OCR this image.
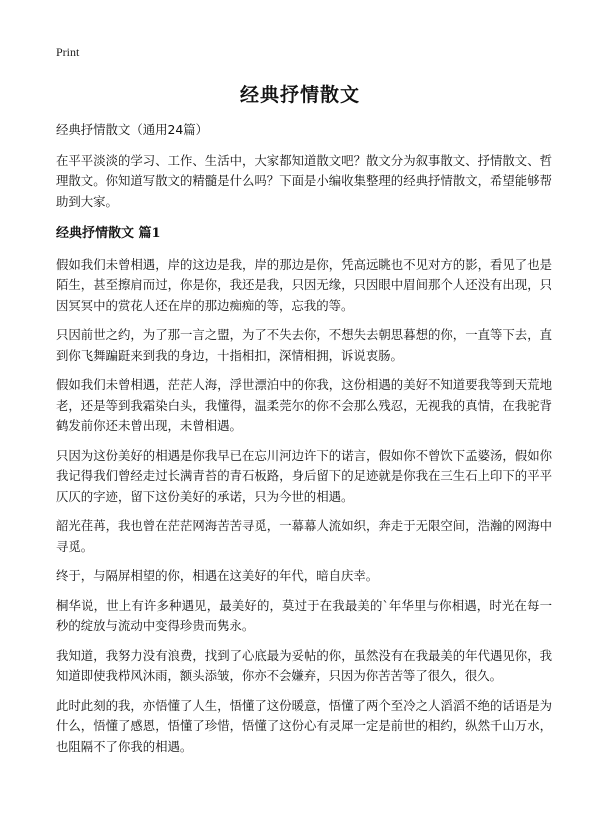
Print
经典抒情散文

经典抒情散文（通用24篇）

在平平淡淡的学习、工作、生活中，大家都知道散文吧？散文分为叙事散文、抒情散文、哲理散文。你知道写散文的精髓是什么吗？下面是小编收集整理的经典抒情散文，希望能够帮助到大家。

经典抒情散文 篇1

假如我们未曾相遇，岸的这边是我，岸的那边是你，凭高远眺也不见对方的影，看见了也是陌生，甚至擦肩而过，你是你，我还是我，只因无缘，只因眼中眉间那个人还没有出现，只因冥冥中的赏花人还在岸的那边痴痴的等，忘我的等。

只因前世之约，为了那一言之盟，为了不失去你，不想失去朝思暮想的你，一直等下去，直到你飞舞蹁跹来到我的身边，十指相扣，深情相拥，诉说衷肠。

假如我们未曾相遇，茫茫人海，浮世漂泊中的你我，这份相遇的美好不知道要我等到天荒地老，还是等到我霜染白头，我懂得，温柔莞尔的你不会那么残忍，无视我的真情，在我驼背鹤发前你还未曾出现，未曾相遇。

只因为这份美好的相遇是你我早已在忘川河边许下的诺言，假如你不曾饮下孟婆汤，假如你我记得我们曾经走过长满青苔的青石板路，身后留下的足迹就是你我在三生石上印下的平平仄仄的字迹，留下这份美好的承诺，只为今世的相遇。

韶光荏苒，我也曾在茫茫网海苦苦寻觅，一幕幕人流如织，奔走于无限空间，浩瀚的网海中寻觅。

终于，与隔屏相望的你，相遇在这美好的年代，暗自庆幸。

桐华说，世上有许多种遇见，最美好的，莫过于在我最美的`年华里与你相遇，时光在每一秒的绽放与流动中变得珍贵而隽永。

我知道，我努力没有浪费，找到了心底最为妥帖的你，虽然没有在我最美的年代遇见你，我知道即使我栉风沐雨，额头添皱，你亦不会嫌弃，只因为你苦苦等了很久，很久。

此时此刻的我，亦悟懂了人生，悟懂了这份暖意，悟懂了两个至冷之人滔滔不绝的话语是为什么，悟懂了感恩，悟懂了珍惜，悟懂了这份心有灵犀一定是前世的相约，纵然千山万水，也阻隔不了你我的相遇。
